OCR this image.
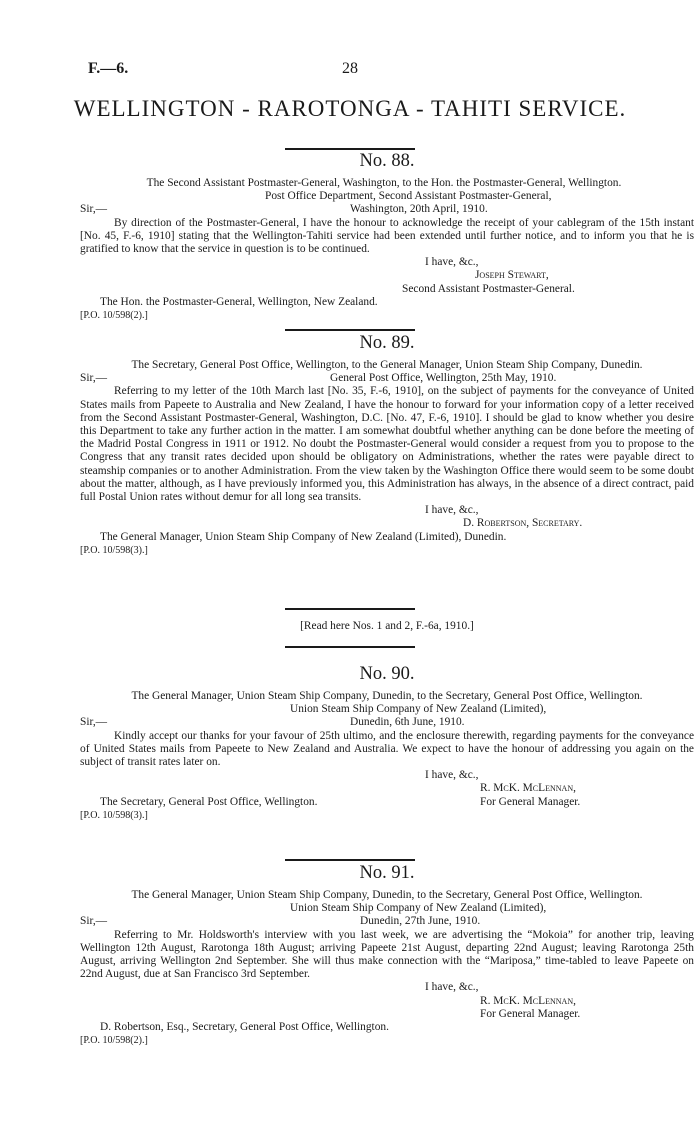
F.—6.	28
WELLINGTON - RAROTONGA - TAHITI SERVICE.
No. 88.

The Second Assistant Postmaster-General, Washington, to the Hon. the Postmaster-General, Wellington.

Post Office Department, Second Assistant Postmaster-General,
Sir,—	Washington, 20th April, 1910.

By direction of the Postmaster-General, I have the honour to acknowledge the receipt of your cablegram of the 15th instant [No. 45, F.-6, 1910] stating that the Wellington-Tahiti service had been extended until further notice, and to inform you that he is gratified to know that the service in question is to be continued.

I have, &c.,
Joseph Stewart,
Second Assistant Postmaster-General.

The Hon. the Postmaster-General, Wellington, New Zealand.

[P.O. 10/598(2).]

No. 89.

The Secretary, General Post Office, Wellington, to the General Manager, Union Steam Ship Company, Dunedin.

Sir,—	General Post Office, Wellington, 25th May, 1910.

Referring to my letter of the 10th March last [No. 35, F.-6, 1910], on the subject of payments for the conveyance of United States mails from Papeete to Australia and New Zealand, I have the honour to forward for your information copy of a letter received from the Second Assistant Postmaster-General, Washington, D.C. [No. 47, F.-6, 1910]. I should be glad to know whether you desire this Department to take any further action in the matter. I am somewhat doubtful whether anything can be done before the meeting of the Madrid Postal Congress in 1911 or 1912. No doubt the Postmaster-General would consider a request from you to propose to the Congress that any transit rates decided upon should be obligatory on Administrations, whether the rates were payable direct to steamship companies or to another Administration. From the view taken by the Washington Office there would seem to be some doubt about the matter, although, as I have previously informed you, this Administration has always, in the absence of a direct contract, paid full Postal Union rates without demur for all long sea transits.

I have, &c.,
D. Robertson, Secretary.

The General Manager, Union Steam Ship Company of New Zealand (Limited), Dunedin.

[P.O. 10/598(3).]

[Read here Nos. 1 and 2, F.-6a, 1910.]
No. 90.

The General Manager, Union Steam Ship Company, Dunedin, to the Secretary, General Post Office, Wellington.

Union Steam Ship Company of New Zealand (Limited),
Sir,—	Dunedin, 6th June, 1910.

Kindly accept our thanks for your favour of 25th ultimo, and the enclosure therewith, regarding payments for the conveyance of United States mails from Papeete to New Zealand and Australia. We expect to have the honour of addressing you again on the subject of transit rates later on.

I have, &c.,
R. McK. McLennan,
The Secretary, General Post Office, Wellington.	For General Manager.

[P.O. 10/598(3).]

No. 91.

The General Manager, Union Steam Ship Company, Dunedin, to the Secretary, General Post Office, Wellington.

Union Steam Ship Company of New Zealand (Limited),
Sir,—	Dunedin, 27th June, 1910.

Referring to Mr. Holdsworth's interview with you last week, we are advertising the “Mokoia” for another trip, leaving Wellington 12th August, Rarotonga 18th August; arriving Papeete 21st August, departing 22nd August; leaving Rarotonga 25th August, arriving Wellington 2nd September. She will thus make connection with the “Mariposa,” time-tabled to leave Papeete on 22nd August, due at San Francisco 3rd September.

I have, &c.,
R. McK. McLennan,
For General Manager.

D. Robertson, Esq., Secretary, General Post Office, Wellington.

[P.O. 10/598(2).]
